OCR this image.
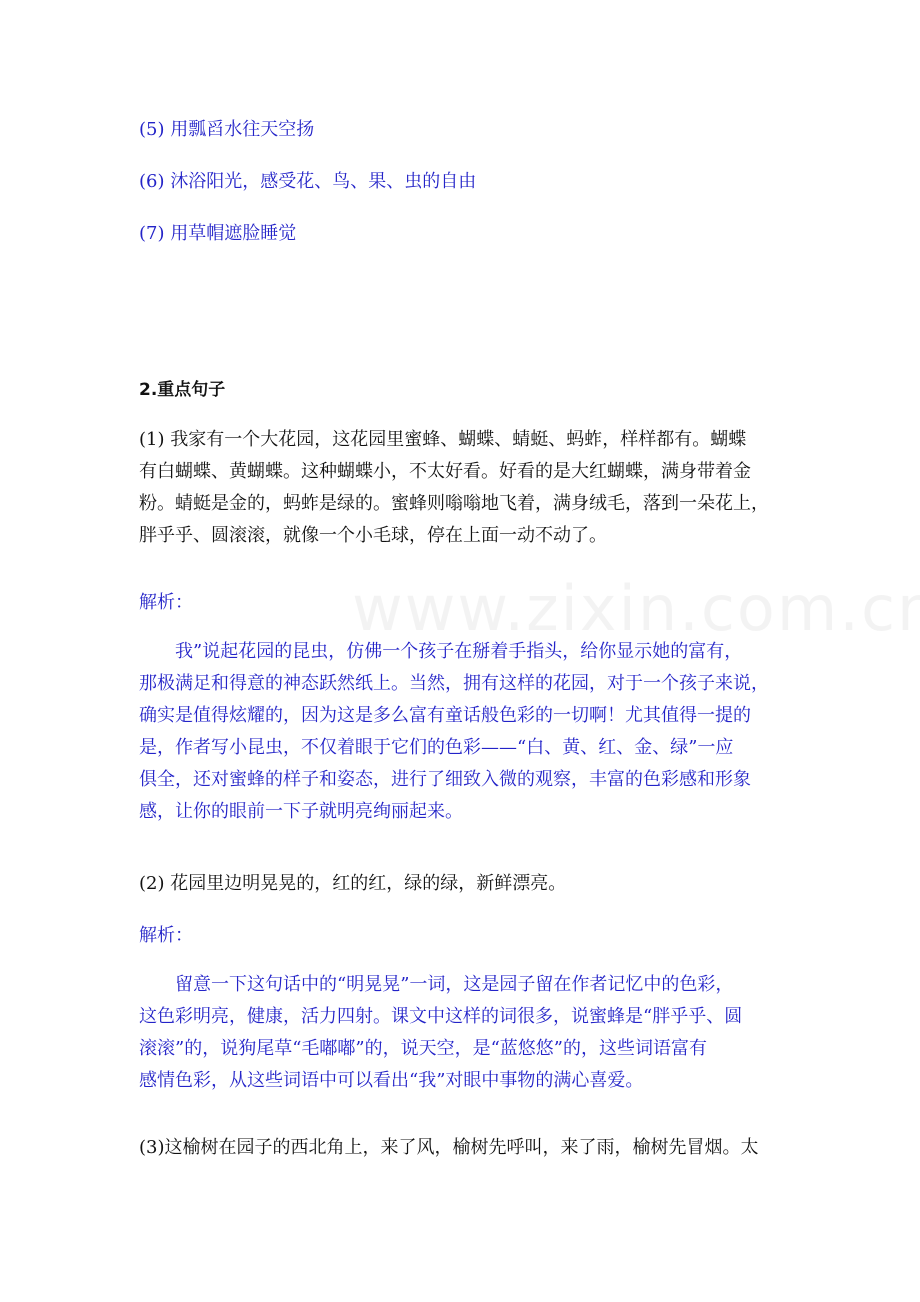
(5) 用瓢舀水往天空扬

(6) 沐浴阳光，感受花、鸟、果、虫的自由

(7) 用草帽遮脸睡觉

2.重点句子

(1) 我家有一个大花园，这花园里蜜蜂、蝴蝶、蜻蜓、蚂蚱，样样都有。蝴蝶
有白蝴蝶、黄蝴蝶。这种蝴蝶小，不太好看。好看的是大红蝴蝶，满身带着金
粉。蜻蜓是金的，蚂蚱是绿的。蜜蜂则嗡嗡地飞着，满身绒毛，落到一朵花上，
胖乎乎、圆滚滚，就像一个小毛球，停在上面一动不动了。

解析：

我”说起花园的昆虫，仿佛一个孩子在掰着手指头，给你显示她的富有，
那极满足和得意的神态跃然纸上。当然，拥有这样的花园，对于一个孩子来说，
确实是值得炫耀的，因为这是多么富有童话般色彩的一切啊！尤其值得一提的
是，作者写小昆虫，不仅着眼于它们的色彩——“白、黄、红、金、绿”一应
俱全，还对蜜蜂的样子和姿态，进行了细致入微的观察，丰富的色彩感和形象
感，让你的眼前一下子就明亮绚丽起来。

(2) 花园里边明晃晃的，红的红，绿的绿，新鲜漂亮。

解析：

留意一下这句话中的“明晃晃”一词，这是园子留在作者记忆中的色彩，
这色彩明亮，健康，活力四射。课文中这样的词很多，说蜜蜂是“胖乎乎、圆
滚滚”的，说狗尾草“毛嘟嘟”的，说天空，是“蓝悠悠”的，这些词语富有
感情色彩，从这些词语中可以看出“我”对眼中事物的满心喜爱。

(3)这榆树在园子的西北角上，来了风，榆树先呼叫，来了雨，榆树先冒烟。太
